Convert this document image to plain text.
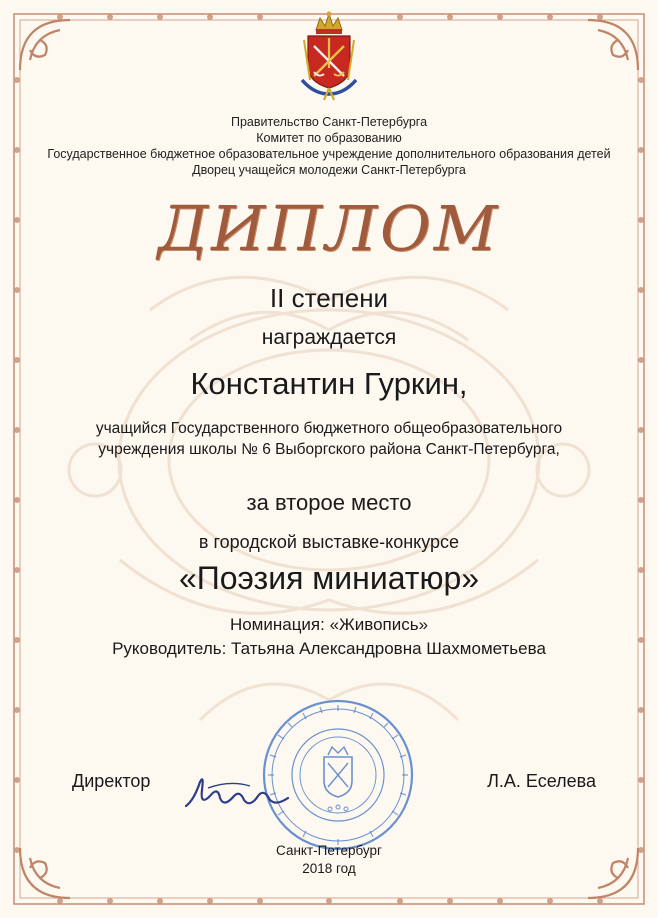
Правительство Санкт-Петербурга
Комитет по образованию
Государственное бюджетное образовательное учреждение дополнительного образования детей
Дворец учащейся молодежи Санкт-Петербурга
ДИПЛОМ
II степени
награждается
Константин Гуркин,
учащийся Государственного бюджетного общеобразовательного
учреждения школы № 6 Выборгского района Санкт-Петербурга,
за второе место
в городской выставке-конкурсе
«Поэзия миниатюр»
Номинация: «Живопись»
Руководитель: Татьяна Александровна Шахмометьева
Директор	Л.А. Еселева
Санкт-Петербург
2018 год
